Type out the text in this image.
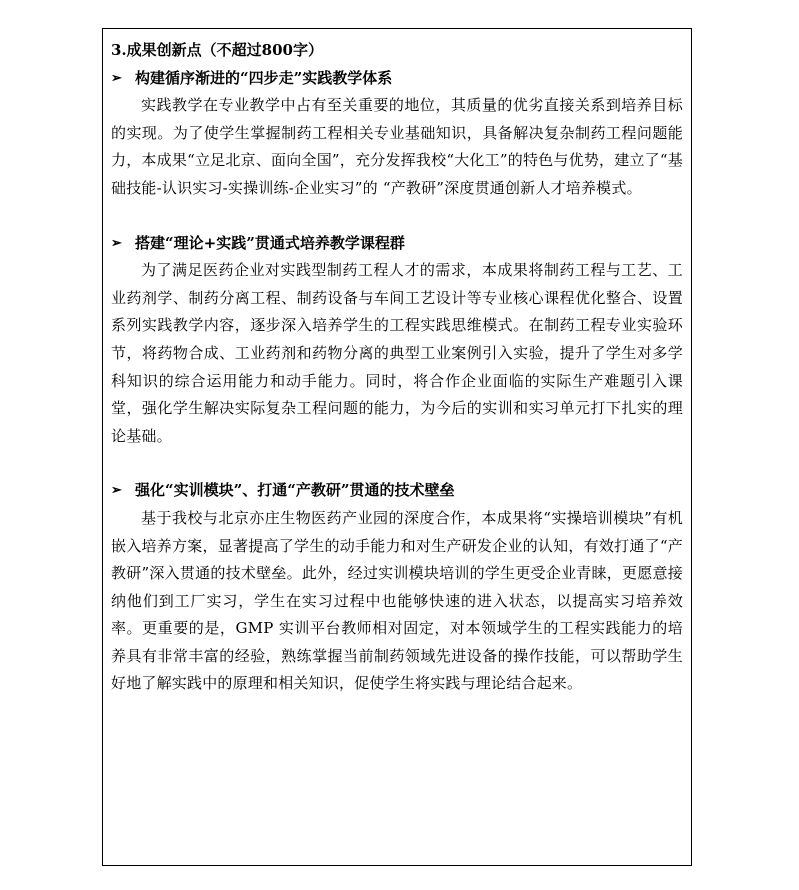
3.成果创新点（不超过800字）

➢ 构建循序渐进的“四步走”实践教学体系

实践教学在专业教学中占有至关重要的地位，其质量的优劣直接关系到培养目标的实现。为了使学生掌握制药工程相关专业基础知识，具备解决复杂制药工程问题能力，本成果“立足北京、面向全国”，充分发挥我校“大化工”的特色与优势，建立了“基础技能-认识实习-实操训练-企业实习”的 “产教研”深度贯通创新人才培养模式。

➢ 搭建“理论+实践”贯通式培养教学课程群

为了满足医药企业对实践型制药工程人才的需求，本成果将制药工程与工艺、工业药剂学、制药分离工程、制药设备与车间工艺设计等专业核心课程优化整合、设置系列实践教学内容，逐步深入培养学生的工程实践思维模式。在制药工程专业实验环节，将药物合成、工业药剂和药物分离的典型工业案例引入实验，提升了学生对多学科知识的综合运用能力和动手能力。同时，将合作企业面临的实际生产难题引入课堂，强化学生解决实际复杂工程问题的能力，为今后的实训和实习单元打下扎实的理论基础。

➢ 强化“实训模块”、打通“产教研”贯通的技术壁垒

基于我校与北京亦庄生物医药产业园的深度合作，本成果将“实操培训模块”有机嵌入培养方案，显著提高了学生的动手能力和对生产研发企业的认知，有效打通了“产教研”深入贯通的技术壁垒。此外，经过实训模块培训的学生更受企业青睐，更愿意接纳他们到工厂实习，学生在实习过程中也能够快速的进入状态，以提高实习培养效率。更重要的是，GMP 实训平台教师相对固定，对本领域学生的工程实践能力的培养具有非常丰富的经验，熟练掌握当前制药领域先进设备的操作技能，可以帮助学生好地了解实践中的原理和相关知识，促使学生将实践与理论结合起来。
